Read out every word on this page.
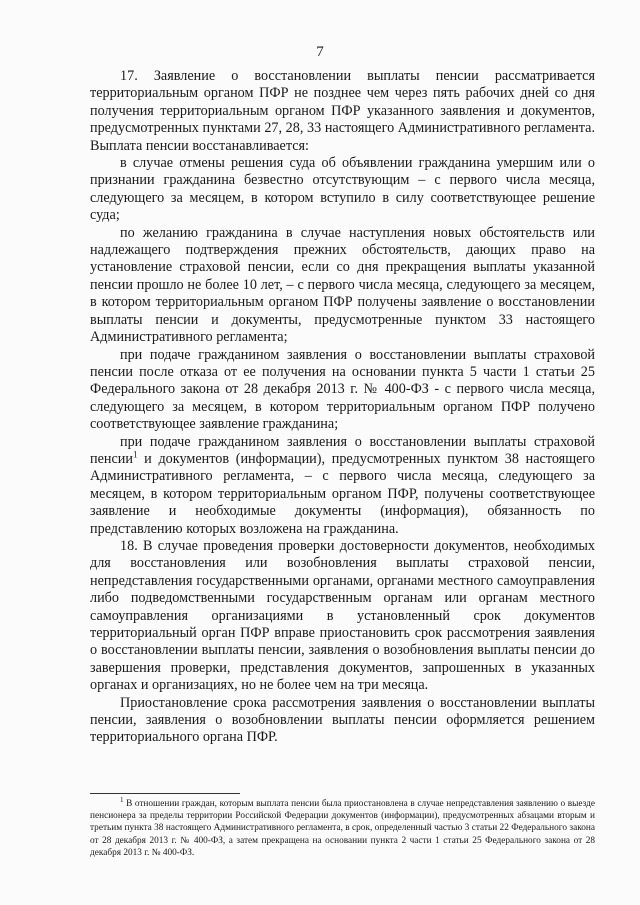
7

17. Заявление о восстановлении выплаты пенсии рассматривается территориальным органом ПФР не позднее чем через пять рабочих дней со дня получения территориальным органом ПФР указанного заявления и документов, предусмотренных пунктами 27, 28, 33 настоящего Административного регламента. Выплата пенсии восстанавливается:

в случае отмены решения суда об объявлении гражданина умершим или о признании гражданина безвестно отсутствующим – с первого числа месяца, следующего за месяцем, в котором вступило в силу соответствующее решение суда;

по желанию гражданина в случае наступления новых обстоятельств или надлежащего подтверждения прежних обстоятельств, дающих право на установление страховой пенсии, если со дня прекращения выплаты указанной пенсии прошло не более 10 лет, – с первого числа месяца, следующего за месяцем, в котором территориальным органом ПФР получены заявление о восстановлении выплаты пенсии и документы, предусмотренные пунктом 33 настоящего Административного регламента;

при подаче гражданином заявления о восстановлении выплаты страховой пенсии после отказа от ее получения на основании пункта 5 части 1 статьи 25 Федерального закона от 28 декабря 2013 г. № 400-ФЗ - с первого числа месяца, следующего за месяцем, в котором территориальным органом ПФР получено соответствующее заявление гражданина;

при подаче гражданином заявления о восстановлении выплаты страховой пенсии$^1$ и документов (информации), предусмотренных пунктом 38 настоящего Административного регламента, – с первого числа месяца, следующего за месяцем, в котором территориальным органом ПФР, получены соответствующее заявление и необходимые документы (информация), обязанность по представлению которых возложена на гражданина.

18. В случае проведения проверки достоверности документов, необходимых для восстановления или возобновления выплаты страховой пенсии, непредставления государственными органами, органами местного самоуправления либо подведомственными государственным органам или органам местного самоуправления организациями в установленный срок документов территориальный орган ПФР вправе приостановить срок рассмотрения заявления о восстановлении выплаты пенсии, заявления о возобновления выплаты пенсии до завершения проверки, представления документов, запрошенных в указанных органах и организациях, но не более чем на три месяца.

Приостановление срока рассмотрения заявления о восстановлении выплаты пенсии, заявления о возобновлении выплаты пенсии оформляется решением территориального органа ПФР.

$^1$ В отношении граждан, которым выплата пенсии была приостановлена в случае непредставления заявлению о выезде пенсионера за пределы территории Российской Федерации документов (информации), предусмотренных абзацами вторым и третьим пункта 38 настоящего Административного регламента, в срок, определенный частью 3 статьи 22 Федерального закона от 28 декабря 2013 г. № 400-ФЗ, а затем прекращена на основании пункта 2 части 1 статьи 25 Федерального закона от 28 декабря 2013 г. № 400-ФЗ.
